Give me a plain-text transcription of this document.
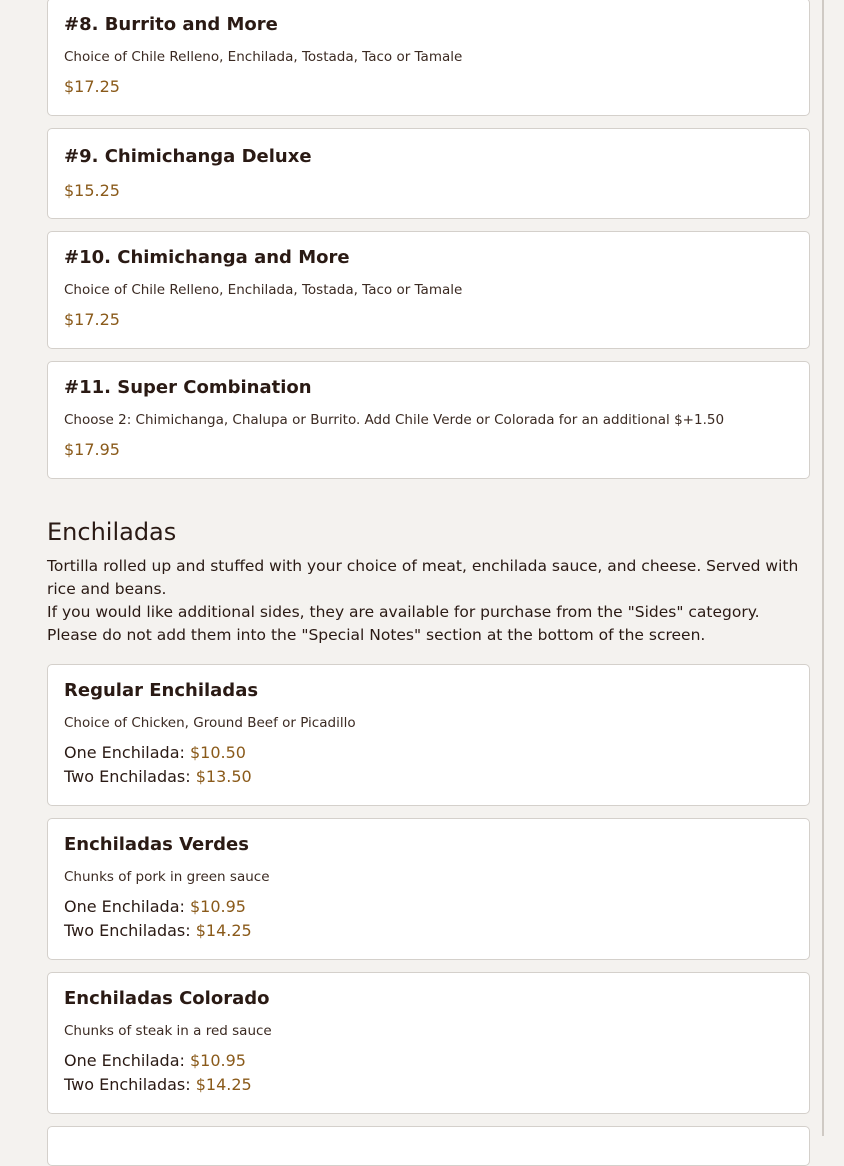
#8. Burrito and More

Choice of Chile Relleno, Enchilada, Tostada, Taco or Tamale

$17.25

#9. Chimichanga Deluxe

$15.25

#10. Chimichanga and More

Choice of Chile Relleno, Enchilada, Tostada, Taco or Tamale

$17.25

#11. Super Combination

Choose 2: Chimichanga, Chalupa or Burrito. Add Chile Verde or Colorada for an additional $+1.50

$17.95

Enchiladas

Tortilla rolled up and stuffed with your choice of meat, enchilada sauce, and cheese. Served with rice and beans.

If you would like additional sides, they are available for purchase from the "Sides" category. Please do not add them into the "Special Notes" section at the bottom of the screen.

Regular Enchiladas

Choice of Chicken, Ground Beef or Picadillo

One Enchilada: $10.50

Two Enchiladas: $13.50

Enchiladas Verdes

Chunks of pork in green sauce

One Enchilada: $10.95

Two Enchiladas: $14.25

Enchiladas Colorado

Chunks of steak in a red sauce

One Enchilada: $10.95

Two Enchiladas: $14.25
